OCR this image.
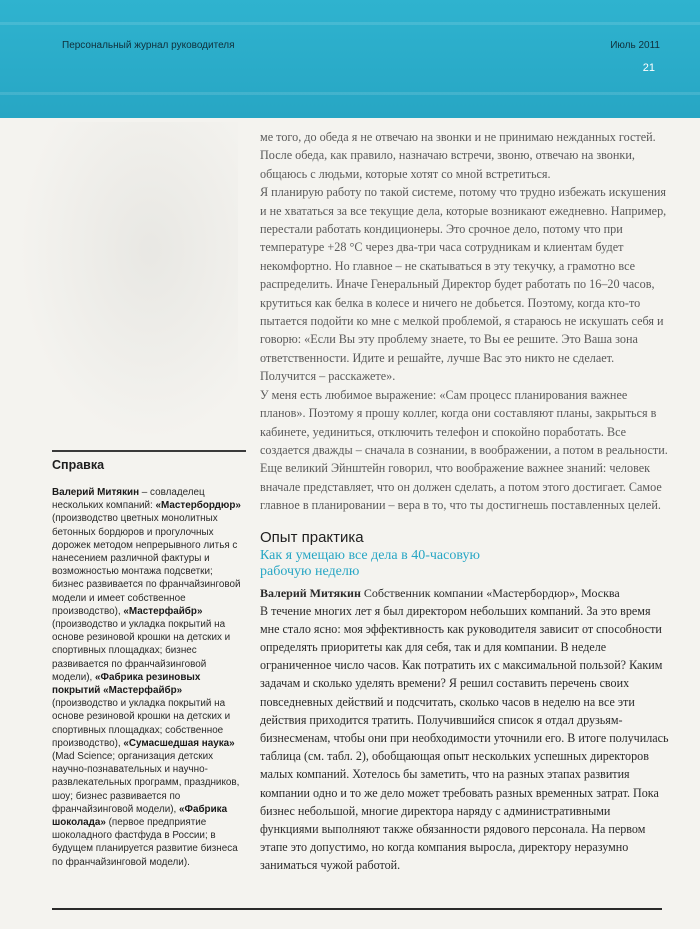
Персональный журнал руководителя	Июль 2011
21
Справка
Валерий Митякин – совладелец нескольких компаний: «Мастербордюр» (производство цветных монолитных бетонных бордюров и прогулочных дорожек методом непрерывного литья с нанесением различной фактуры и возможностью монтажа подсветки; бизнес развивается по франчайзинговой модели и имеет собственное производство), «Мастерфайбр» (производство и укладка покрытий на основе резиновой крошки на детских и спортивных площадках; бизнес развивается по франчайзинговой модели), «Фабрика резиновых покрытий «Мастерфайбр» (производство и укладка покрытий на основе резиновой крошки на детских и спортивных площадках; собственное производство), «Сумасшедшая наука» (Mad Science; организация детских научно-познавательных и научно-развлекательных программ, праздников, шоу; бизнес развивается по франчайзинговой модели), «Фабрика шоколада» (первое предприятие шоколадного фастфуда в России; в будущем планируется развитие бизнеса по франчайзинговой модели).

ме того, до обеда я не отвечаю на звонки и не принимаю нежданных гостей. После обеда, как правило, назначаю встречи, звоню, отвечаю на звонки, общаюсь с людьми, которые хотят со мной встретиться.

Я планирую работу по такой системе, потому что трудно избежать искушения и не хвататься за все текущие дела, которые возникают ежедневно. Например, перестали работать кондиционеры. Это срочное дело, потому что при температуре +28 °С через два-три часа сотрудникам и клиентам будет некомфортно. Но главное – не скатываться в эту текучку, а грамотно все распределить. Иначе Генеральный Директор будет работать по 16–20 часов, крутиться как белка в колесе и ничего не добьется. Поэтому, когда кто-то пытается подойти ко мне с мелкой проблемой, я стараюсь не искушать себя и говорю: «Если Вы эту проблему знаете, то Вы ее решите. Это Ваша зона ответственности. Идите и решайте, лучше Вас это никто не сделает. Получится – расскажете».

У меня есть любимое выражение: «Сам процесс планирования важнее планов». Поэтому я прошу коллег, когда они составляют планы, закрыться в кабинете, уединиться, отключить телефон и спокойно поработать. Все создается дважды – сначала в сознании, в воображении, а потом в реальности. Еще великий Эйнштейн говорил, что воображение важнее знаний: человек вначале представляет, что он должен сделать, а потом этого достигает. Самое главное в планировании – вера в то, что ты достигнешь поставленных целей.

Опыт практика
Как я умещаю все дела в 40-часовую рабочую неделю
Валерий Митякин Собственник компании «Мастербордюр», Москва

В течение многих лет я был директором небольших компаний. За это время мне стало ясно: моя эффективность как руководителя зависит от способности определять приоритеты как для себя, так и для компании. В неделе ограниченное число часов. Как потратить их с максимальной пользой? Каким задачам и сколько уделять времени? Я решил составить перечень своих повседневных действий и подсчитать, сколько часов в неделю на все эти действия приходится тратить. Получившийся список я отдал друзьям-бизнесменам, чтобы они при необходимости уточнили его. В итоге получилась таблица (см. табл. 2), обобщающая опыт нескольких успешных директоров малых компаний. Хотелось бы заметить, что на разных этапах развития компании одно и то же дело может требовать разных временных затрат. Пока бизнес небольшой, многие директора наряду с административными функциями выполняют также обязанности рядового персонала. На первом этапе это допустимо, но когда компания выросла, директору неразумно заниматься чужой работой.
